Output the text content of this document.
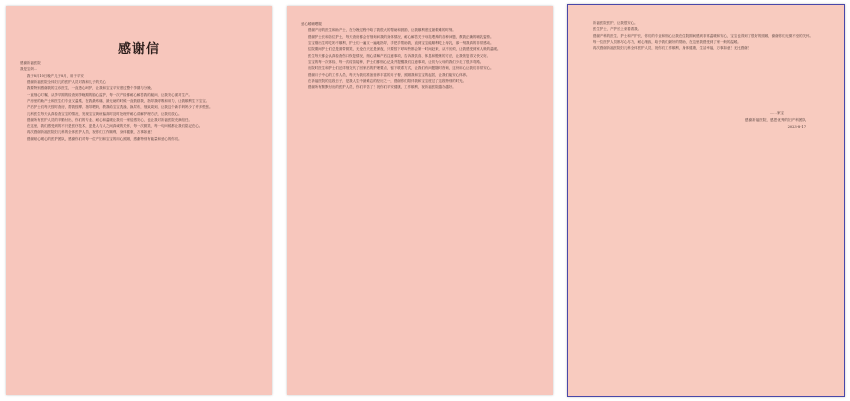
感谢信

感谢祈福医院

我是宝妈...

我于8月10日晚产儿子8月，用于平安

感谢祈福医院全体妇儿的医护人员对我和儿子的关心

我要特别感谢我的主诊医生，一直悉心呵护，让我和宝宝平安度过整个孕期与分娩。

一直细心叮嘱，从孕早期的检查到孕晚期的胎心监护，每一次产检都耐心解答我的疑问，让我安心面对生产。

产房里的助产士和医生们专业又温柔，在我最疼痛、最无助的时候一直鼓励我，指导我呼吸和用力，让我顺利生下宝宝。

产后护士们每天按时查房，帮我按摩、指导喂奶，教我给宝宝洗澡、换尿布，细致周到，让我这个新手妈妈少了许多慌张。

儿科医生每天认真检查宝宝的情况，发现宝宝黄疸偏高时及时处理并耐心讲解护理方法，让我们放心。

感谢所有医护人员的辛勤付出，你们的专业、耐心和温暖让我们一家倍感安心，也让我对祈福医院充满信任。

在这里，我们感受到的不只是医疗技术，更是人与人之间真诚的关怀，每一次微笑、每一句问候都让我们铭记在心。

再次感谢祈福医院妇儿科的全体医护人员，祝你们工作顺利，身体健康，万事如意！

感谢贴心暖心的医护团队，感谢你们对每一位产妇和宝宝的用心照顾，感谢特别有能量和爱心的你们。

爱心暖哺喂服

感谢产房的医生和助产士，在分娩过程中给了我很大的帮助和鼓励，让我顺利度过最艰难的时刻。

感谢护士长和各位护士，每天查房都会仔细询问我的身体情况，耐心解答关于母乳喂养的各种问题，教我正确的哺乳姿势。

宝宝刚出生时吃奶不顺利，护士们一遍又一遍地指导，手把手帮助我，直到宝宝能顺利吃上母乳，那一刻我真的非常感动。

住院期间护士们总是面带微笑，无论白天还是深夜，只要按下呼叫铃都会第一时间赶来，从不厌烦，让我感受到家人般的温暖。

医生每天都会认真检查伤口恢复情况，细心讲解产后注意事项，告诉我饮食、休息和锻炼的方法，让我恢复得又快又好。

宝宝的每一次体检、每一次疫苗接种，护士们都细心记录并提醒我们注意事项，让初为父母的我们少走了很多弯路。

出院时医生和护士们还详细交代了回家后的护理要点，留下联系方式，让我们有问题随时咨询，这份用心让我们非常安心。

感谢月子中心的工作人员，每天为我们准备营养丰富的月子餐，照顾我和宝宝的起居，让我们能安心休养。

在祈福医院的这段日子，是我人生中最难忘的经历之一，感谢你们陪伴我和宝宝度过了这段特别的时光。

感谢所有默默付出的医护人员，你们辛苦了！祝你们平安健康，工作顺利，祝祈福医院越办越好。

祈福医院医护，让我很安心。

医生护士，产护长上来看看我。

感谢产科的医生、护士和产护长，你们的专业和细心让我在住院期间感到非常温暖和安心，宝宝也得到了很好的照顾，谢谢你们无微不至的关怀。

每一位医护人员都尽心尽力，耐心细致，给予我们最好的帮助，在这里我感受到了家一般的温暖。

再次感谢祈福医院妇儿科全体医护人员，祝你们工作顺利，身体健康，生活幸福，万事如意！无比感谢！

……家宝
感谢祈福医院，感恩优秀的妇产科团队
2023-8-17
